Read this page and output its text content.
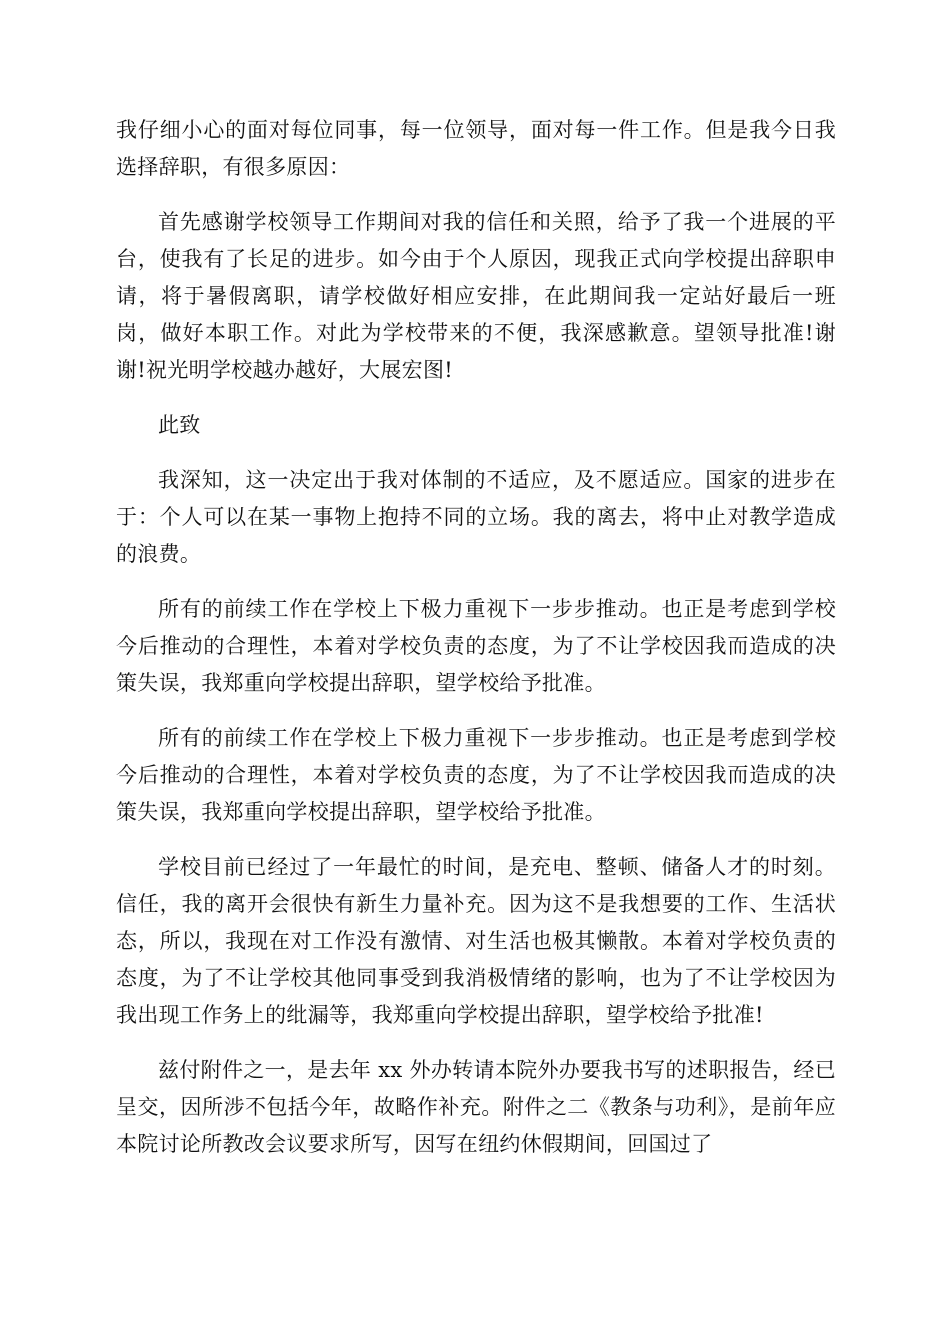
我仔细小心的面对每位同事，每一位领导，面对每一件工作。但是我今日我选择辞职，有很多原因：

首先感谢学校领导工作期间对我的信任和关照，给予了我一个进展的平台，使我有了长足的进步。如今由于个人原因，现我正式向学校提出辞职申请，将于暑假离职，请学校做好相应安排，在此期间我一定站好最后一班岗，做好本职工作。对此为学校带来的不便，我深感歉意。望领导批准!谢谢!祝光明学校越办越好，大展宏图!

此致

我深知，这一决定出于我对体制的不适应，及不愿适应。国家的进步在于：个人可以在某一事物上抱持不同的立场。我的离去，将中止对教学造成的浪费。

所有的前续工作在学校上下极力重视下一步步推动。也正是考虑到学校今后推动的合理性，本着对学校负责的态度，为了不让学校因我而造成的决策失误，我郑重向学校提出辞职，望学校给予批准。

所有的前续工作在学校上下极力重视下一步步推动。也正是考虑到学校今后推动的合理性，本着对学校负责的态度，为了不让学校因我而造成的决策失误，我郑重向学校提出辞职，望学校给予批准。

学校目前已经过了一年最忙的时间，是充电、整顿、储备人才的时刻。信任，我的离开会很快有新生力量补充。因为这不是我想要的工作、生活状态，所以，我现在对工作没有激情、对生活也极其懒散。本着对学校负责的态度，为了不让学校其他同事受到我消极情绪的影响，也为了不让学校因为我出现工作务上的纰漏等，我郑重向学校提出辞职，望学校给予批准!

兹付附件之一，是去年 xx 外办转请本院外办要我书写的述职报告，经已呈交，因所涉不包括今年，故略作补充。附件之二《教条与功利》，是前年应本院讨论所教改会议要求所写，因写在纽约休假期间，回国过了
